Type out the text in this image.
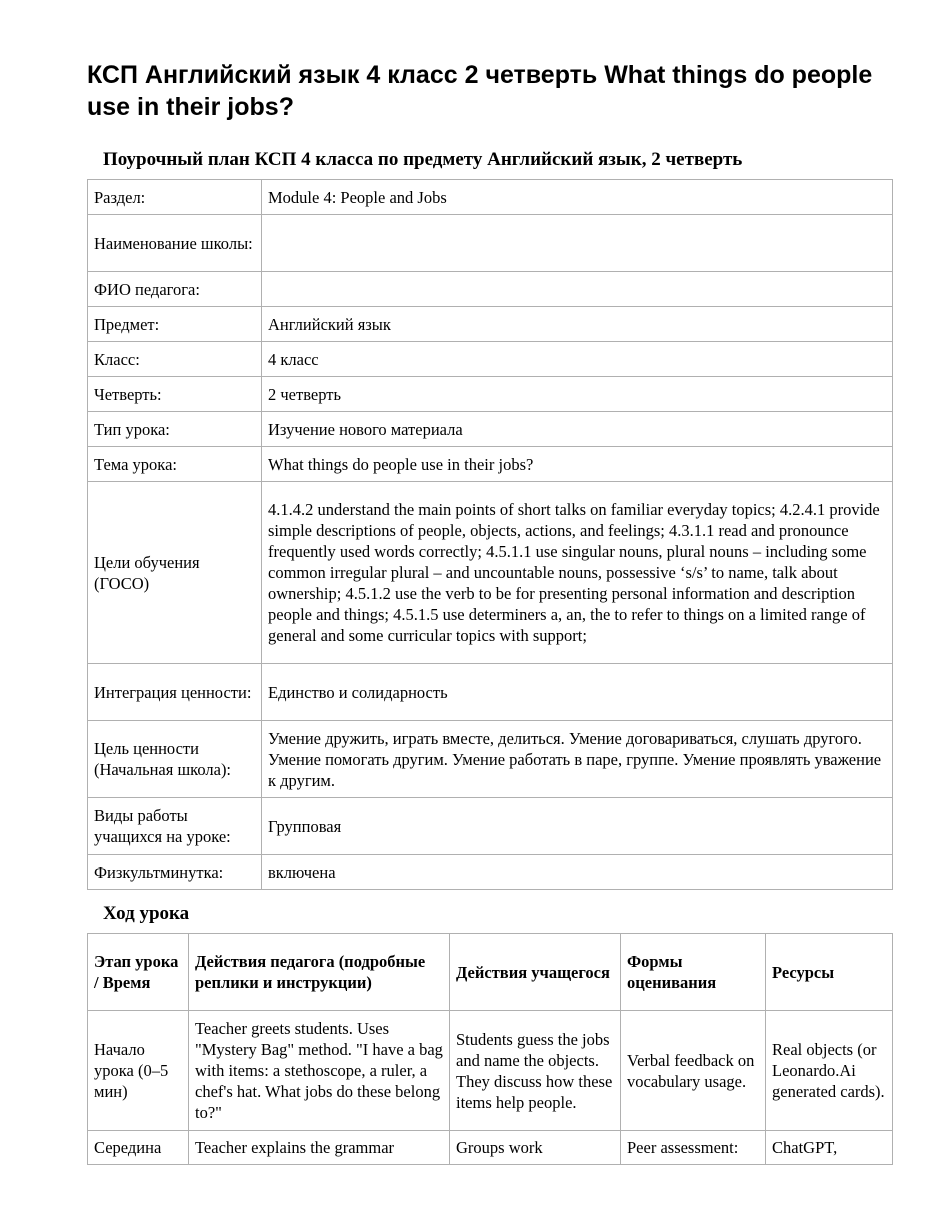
КСП Английский язык 4 класс 2 четверть What things do people use in their jobs?

Поурочный план КСП 4 класса по предмету Английский язык, 2 четверть

Раздел:	Module 4: People and Jobs
Наименование школы:	
ФИО педагога:	
Предмет:	Английский язык
Класс:	4 класс
Четверть:	2 четверть
Тип урока:	Изучение нового материала
Тема урока:	What things do people use in their jobs?
Цели обучения (ГОСО)	4.1.4.2 understand the main points of short talks on familiar everyday topics; 4.2.4.1 provide simple descriptions of people, objects, actions, and feelings; 4.3.1.1 read and pronounce frequently used words correctly; 4.5.1.1 use singular nouns, plural nouns – including some common irregular plural – and uncountable nouns, possessive ‘s/s’ to name, talk about ownership; 4.5.1.2 use the verb to be for presenting personal information and description people and things; 4.5.1.5 use determiners a, an, the to refer to things on a limited range of general and some curricular topics with support;
Интеграция ценности:	Единство и солидарность
Цель ценности (Начальная школа):	Умение дружить, играть вместе, делиться. Умение договариваться, слушать другого. Умение помогать другим. Умение работать в паре, группе. Умение проявлять уважение к другим.
Виды работы учащихся на уроке:	Групповая
Физкультминутка:	включена

Ход урока

Этап урока / Время	Действия педагога (подробные реплики и инструкции)	Действия учащегося	Формы оценивания	Ресурсы
Начало урока (0–5 мин)	Teacher greets students. Uses "Mystery Bag" method. "I have a bag with items: a stethoscope, a ruler, a chef's hat. What jobs do these belong to?"	Students guess the jobs and name the objects. They discuss how these items help people.	Verbal feedback on vocabulary usage.	Real objects (or Leonardo.Ai generated cards).
Середина	Teacher explains the grammar	Groups work	Peer assessment:	ChatGPT,
